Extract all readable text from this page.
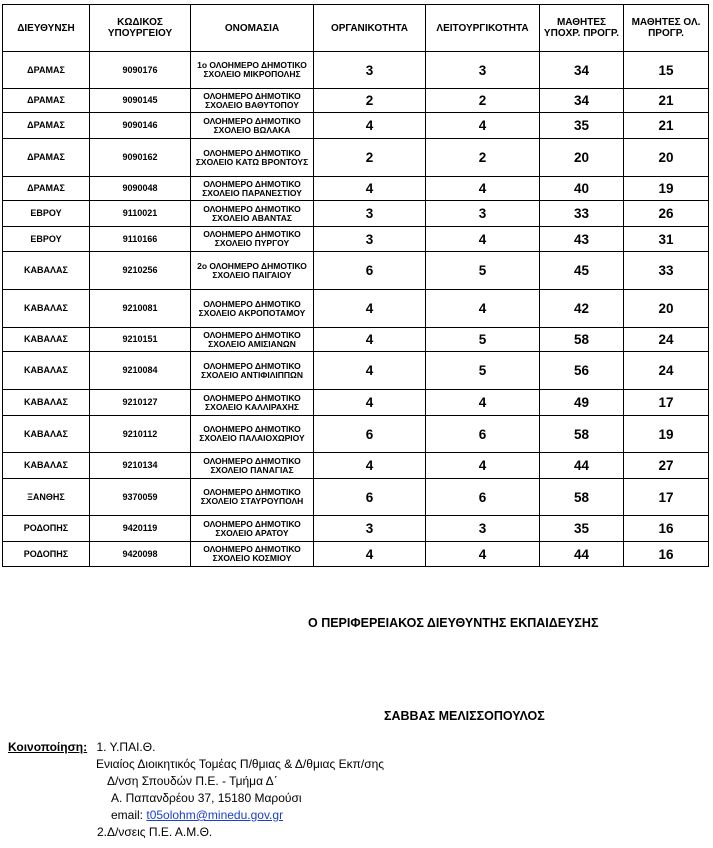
ΔΙΕΥΘΥΝΣΗ	ΚΩΔΙΚΟΣ ΥΠΟΥΡΓΕΙΟΥ	ΟΝΟΜΑΣΙΑ	ΟΡΓΑΝΙΚΟΤΗΤΑ	ΛΕΙΤΟΥΡΓΙΚΟΤΗΤΑ	ΜΑΘΗΤΕΣ ΥΠΟΧΡ. ΠΡΟΓΡ.	ΜΑΘΗΤΕΣ ΟΛ. ΠΡΟΓΡ.
ΔΡΑΜΑΣ	9090176	1ο ΟΛΟΗΜΕΡΟ ΔΗΜΟΤΙΚΟ ΣΧΟΛΕΙΟ ΜΙΚΡΟΠΟΛΗΣ	3	3	34	15
ΔΡΑΜΑΣ	9090145	ΟΛΟΗΜΕΡΟ ΔΗΜΟΤΙΚΟ ΣΧΟΛΕΙΟ ΒΑΘΥΤΟΠΟΥ	2	2	34	21
ΔΡΑΜΑΣ	9090146	ΟΛΟΗΜΕΡΟ ΔΗΜΟΤΙΚΟ ΣΧΟΛΕΙΟ ΒΩΛΑΚΑ	4	4	35	21
ΔΡΑΜΑΣ	9090162	ΟΛΟΗΜΕΡΟ ΔΗΜΟΤΙΚΟ ΣΧΟΛΕΙΟ ΚΑΤΩ ΒΡΟΝΤΟΥΣ	2	2	20	20
ΔΡΑΜΑΣ	9090048	ΟΛΟΗΜΕΡΟ ΔΗΜΟΤΙΚΟ ΣΧΟΛΕΙΟ ΠΑΡΑΝΕΣΤΙΟΥ	4	4	40	19
ΕΒΡΟΥ	9110021	ΟΛΟΗΜΕΡΟ ΔΗΜΟΤΙΚΟ ΣΧΟΛΕΙΟ ΑΒΑΝΤΑΣ	3	3	33	26
ΕΒΡΟΥ	9110166	ΟΛΟΗΜΕΡΟ ΔΗΜΟΤΙΚΟ ΣΧΟΛΕΙΟ ΠΥΡΓΟΥ	3	4	43	31
ΚΑΒΑΛΑΣ	9210256	2ο ΟΛΟΗΜΕΡΟ ΔΗΜΟΤΙΚΟ ΣΧΟΛΕΙΟ ΠΑΙΓΑΙΟΥ	6	5	45	33
ΚΑΒΑΛΑΣ	9210081	ΟΛΟΗΜΕΡΟ ΔΗΜΟΤΙΚΟ ΣΧΟΛΕΙΟ ΑΚΡΟΠΟΤΑΜΟΥ	4	4	42	20
ΚΑΒΑΛΑΣ	9210151	ΟΛΟΗΜΕΡΟ ΔΗΜΟΤΙΚΟ ΣΧΟΛΕΙΟ ΑΜΙΣΙΑΝΩΝ	4	5	58	24
ΚΑΒΑΛΑΣ	9210084	ΟΛΟΗΜΕΡΟ ΔΗΜΟΤΙΚΟ ΣΧΟΛΕΙΟ ΑΝΤΙΦΙΛΙΠΠΩΝ	4	5	56	24
ΚΑΒΑΛΑΣ	9210127	ΟΛΟΗΜΕΡΟ ΔΗΜΟΤΙΚΟ ΣΧΟΛΕΙΟ ΚΑΛΛΙΡΑΧΗΣ	4	4	49	17
ΚΑΒΑΛΑΣ	9210112	ΟΛΟΗΜΕΡΟ ΔΗΜΟΤΙΚΟ ΣΧΟΛΕΙΟ ΠΑΛΑΙΟΧΩΡΙΟΥ	6	6	58	19
ΚΑΒΑΛΑΣ	9210134	ΟΛΟΗΜΕΡΟ ΔΗΜΟΤΙΚΟ ΣΧΟΛΕΙΟ ΠΑΝΑΓΙΑΣ	4	4	44	27
ΞΑΝΘΗΣ	9370059	ΟΛΟΗΜΕΡΟ ΔΗΜΟΤΙΚΟ ΣΧΟΛΕΙΟ ΣΤΑΥΡΟΥΠΟΛΗ	6	6	58	17
ΡΟΔΟΠΗΣ	9420119	ΟΛΟΗΜΕΡΟ ΔΗΜΟΤΙΚΟ ΣΧΟΛΕΙΟ ΑΡΑΤΟΥ	3	3	35	16
ΡΟΔΟΠΗΣ	9420098	ΟΛΟΗΜΕΡΟ ΔΗΜΟΤΙΚΟ ΣΧΟΛΕΙΟ ΚΟΣΜΙΟΥ	4	4	44	16
Ο ΠΕΡΙΦΕΡΕΙΑΚΟΣ ΔΙΕΥΘΥΝΤΗΣ ΕΚΠΑΙΔΕΥΣΗΣ
ΣΑΒΒΑΣ ΜΕΛΙΣΣΟΠΟΥΛΟΣ
Κοινοποίηση: 1. Υ.ΠΑΙ.Θ.
Ενιαίος Διοικητικός Τομέας Π/θμιας & Δ/θμιας Εκπ/σης
Δ/νση Σπουδών Π.Ε. - Τμήμα Δ΄
Α. Παπανδρέου 37, 15180 Μαρούσι
email: t05olohm@minedu.gov.gr
2.Δ/νσεις Π.Ε. Α.Μ.Θ.
